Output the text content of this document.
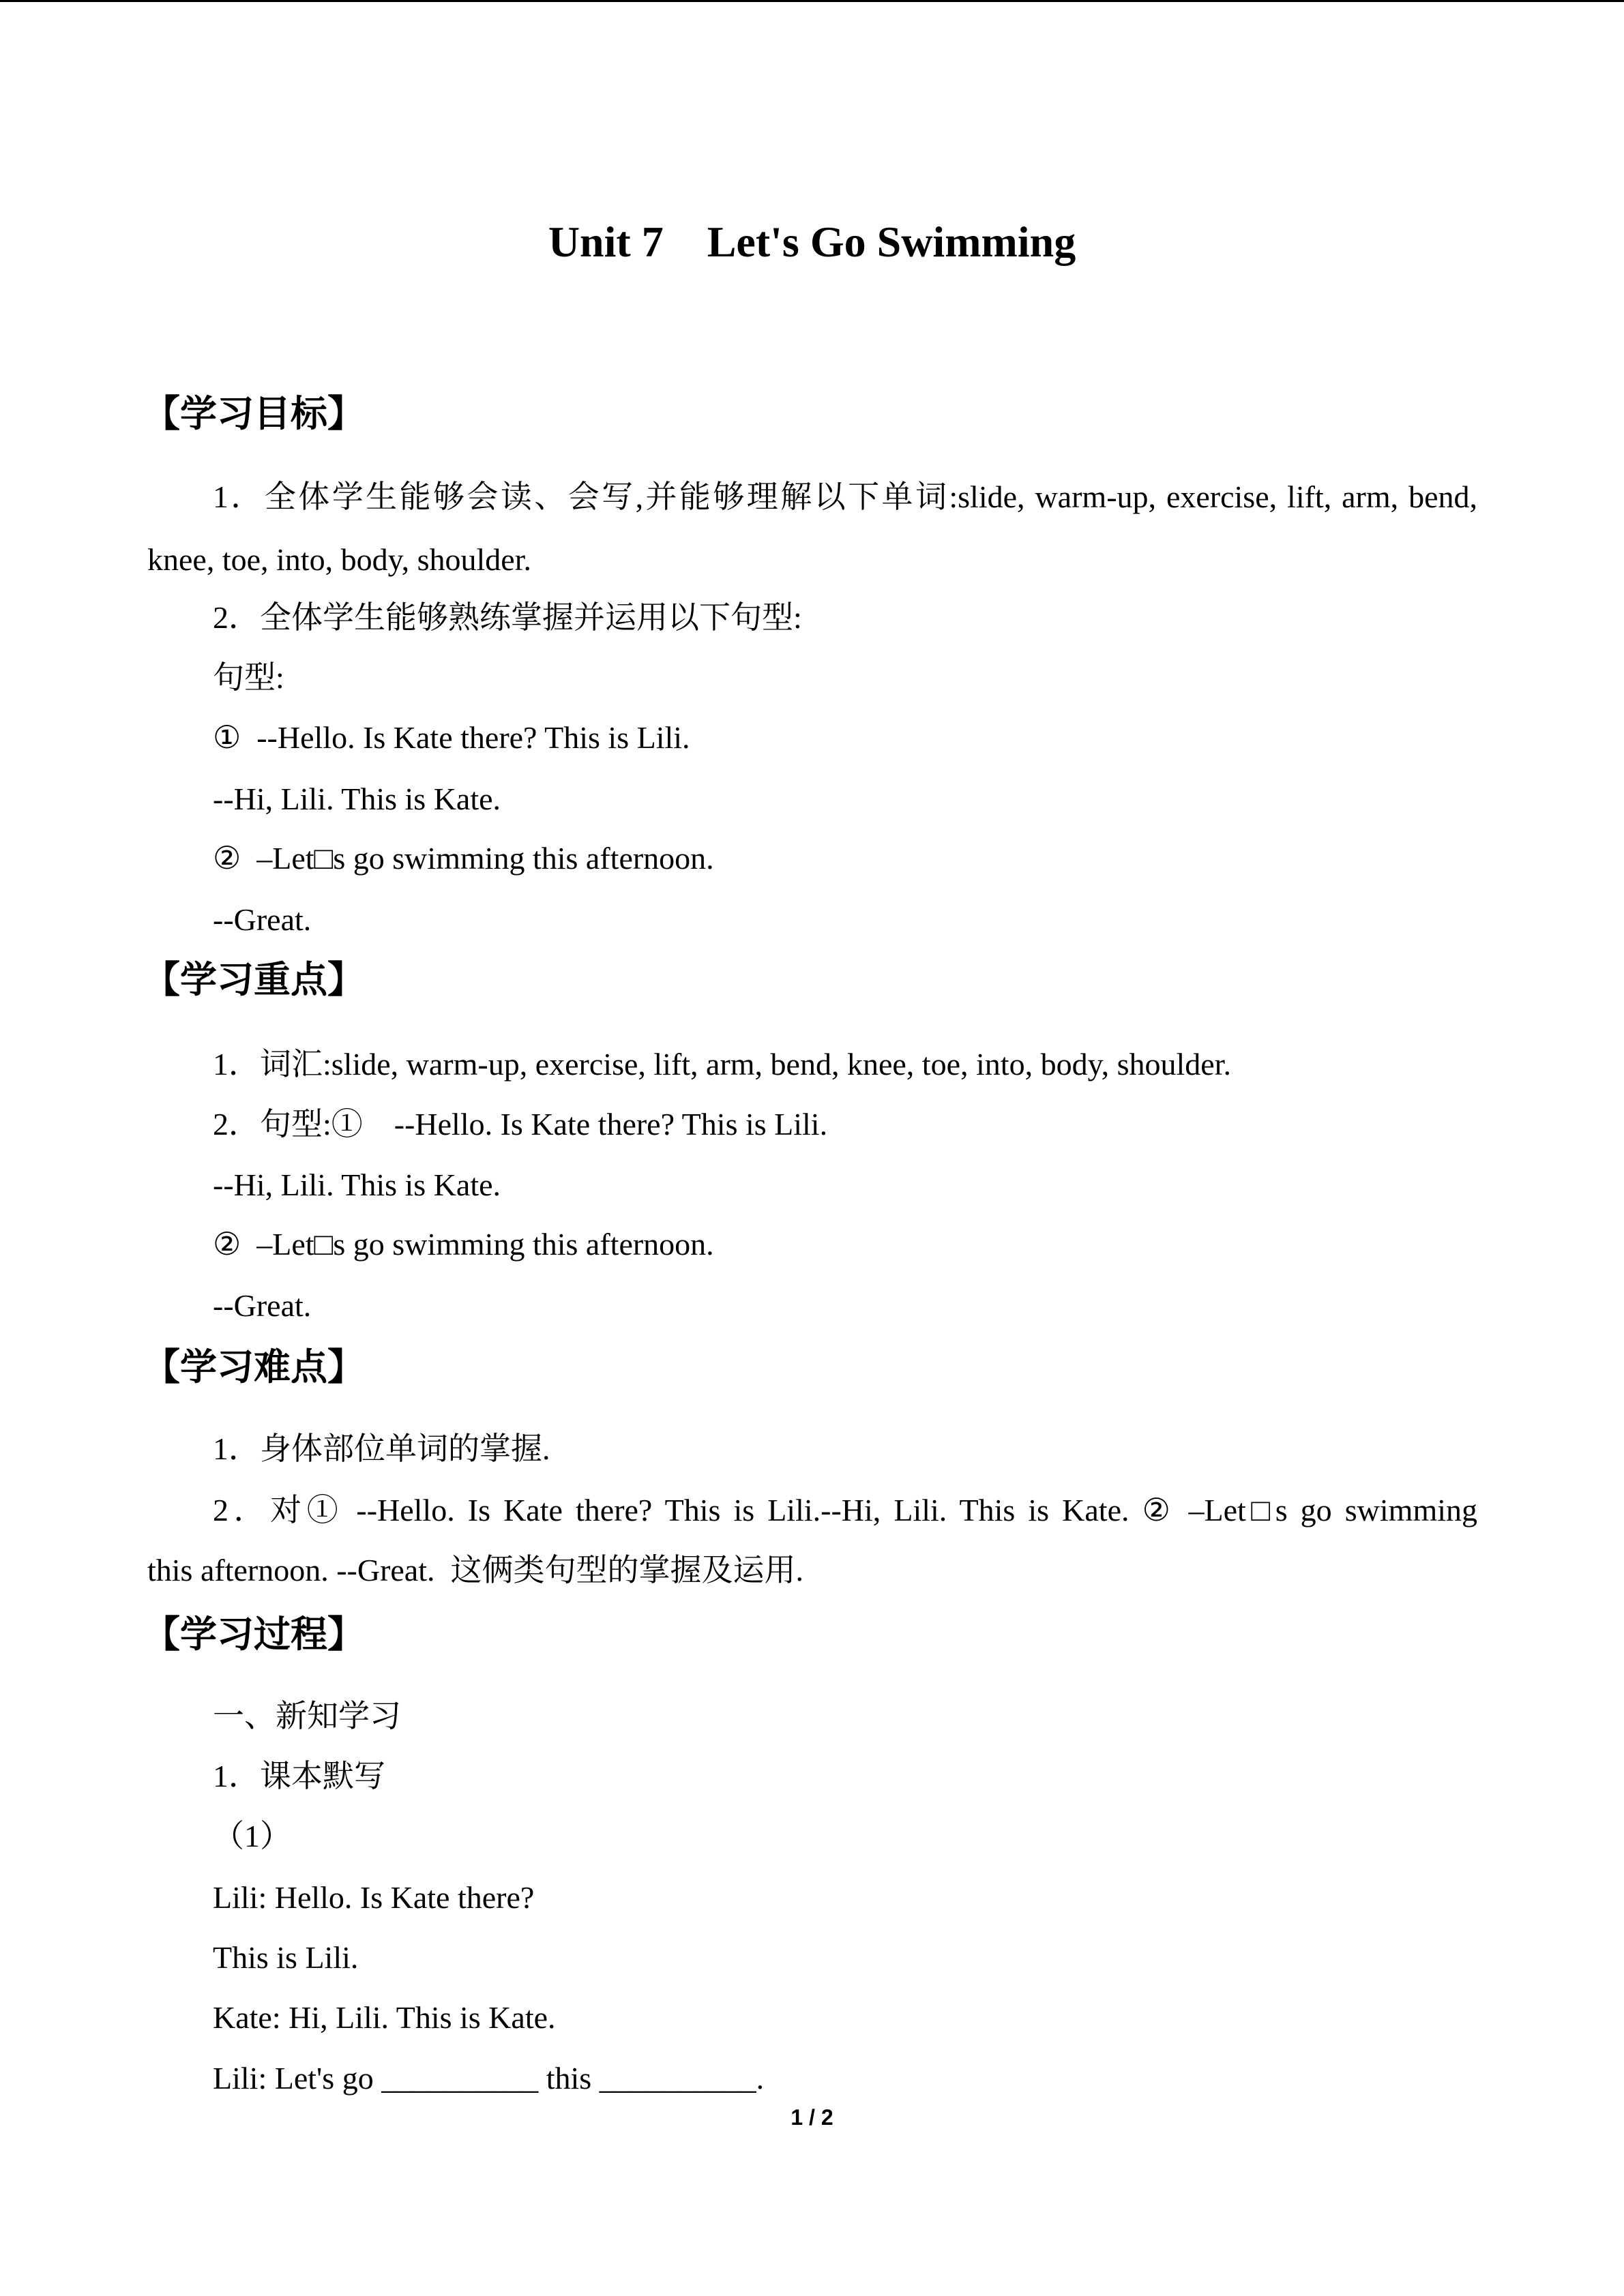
Unit 7    Let's Go Swimming
【学习目标】
1．全体学生能够会读、会写,并能够理解以下单词:slide, warm-up, exercise, lift, arm, bend,
knee, toe, into, body, shoulder.
2．全体学生能够熟练掌握并运用以下句型:
句型:
①  --Hello. Is Kate there? This is Lili.
--Hi, Lili. This is Kate.
②  –Let□s go swimming this afternoon.
--Great.
【学习重点】
1．词汇:slide, warm-up, exercise, lift, arm, bend, knee, toe, into, body, shoulder.
2．句型:①    --Hello. Is Kate there? This is Lili.
--Hi, Lili. This is Kate.
②  –Let□s go swimming this afternoon.
--Great.
【学习难点】
1．身体部位单词的掌握.
2．对① --Hello. Is Kate there? This is Lili.--Hi, Lili. This is Kate. ② –Let□s go swimming
this afternoon. --Great.  这俩类句型的掌握及运用.
【学习过程】
一、新知学习
1．课本默写
（1）
Lili: Hello. Is Kate there?
This is Lili.
Kate: Hi, Lili. This is Kate.
Lili: Let's go __________ this __________.
1 / 2
